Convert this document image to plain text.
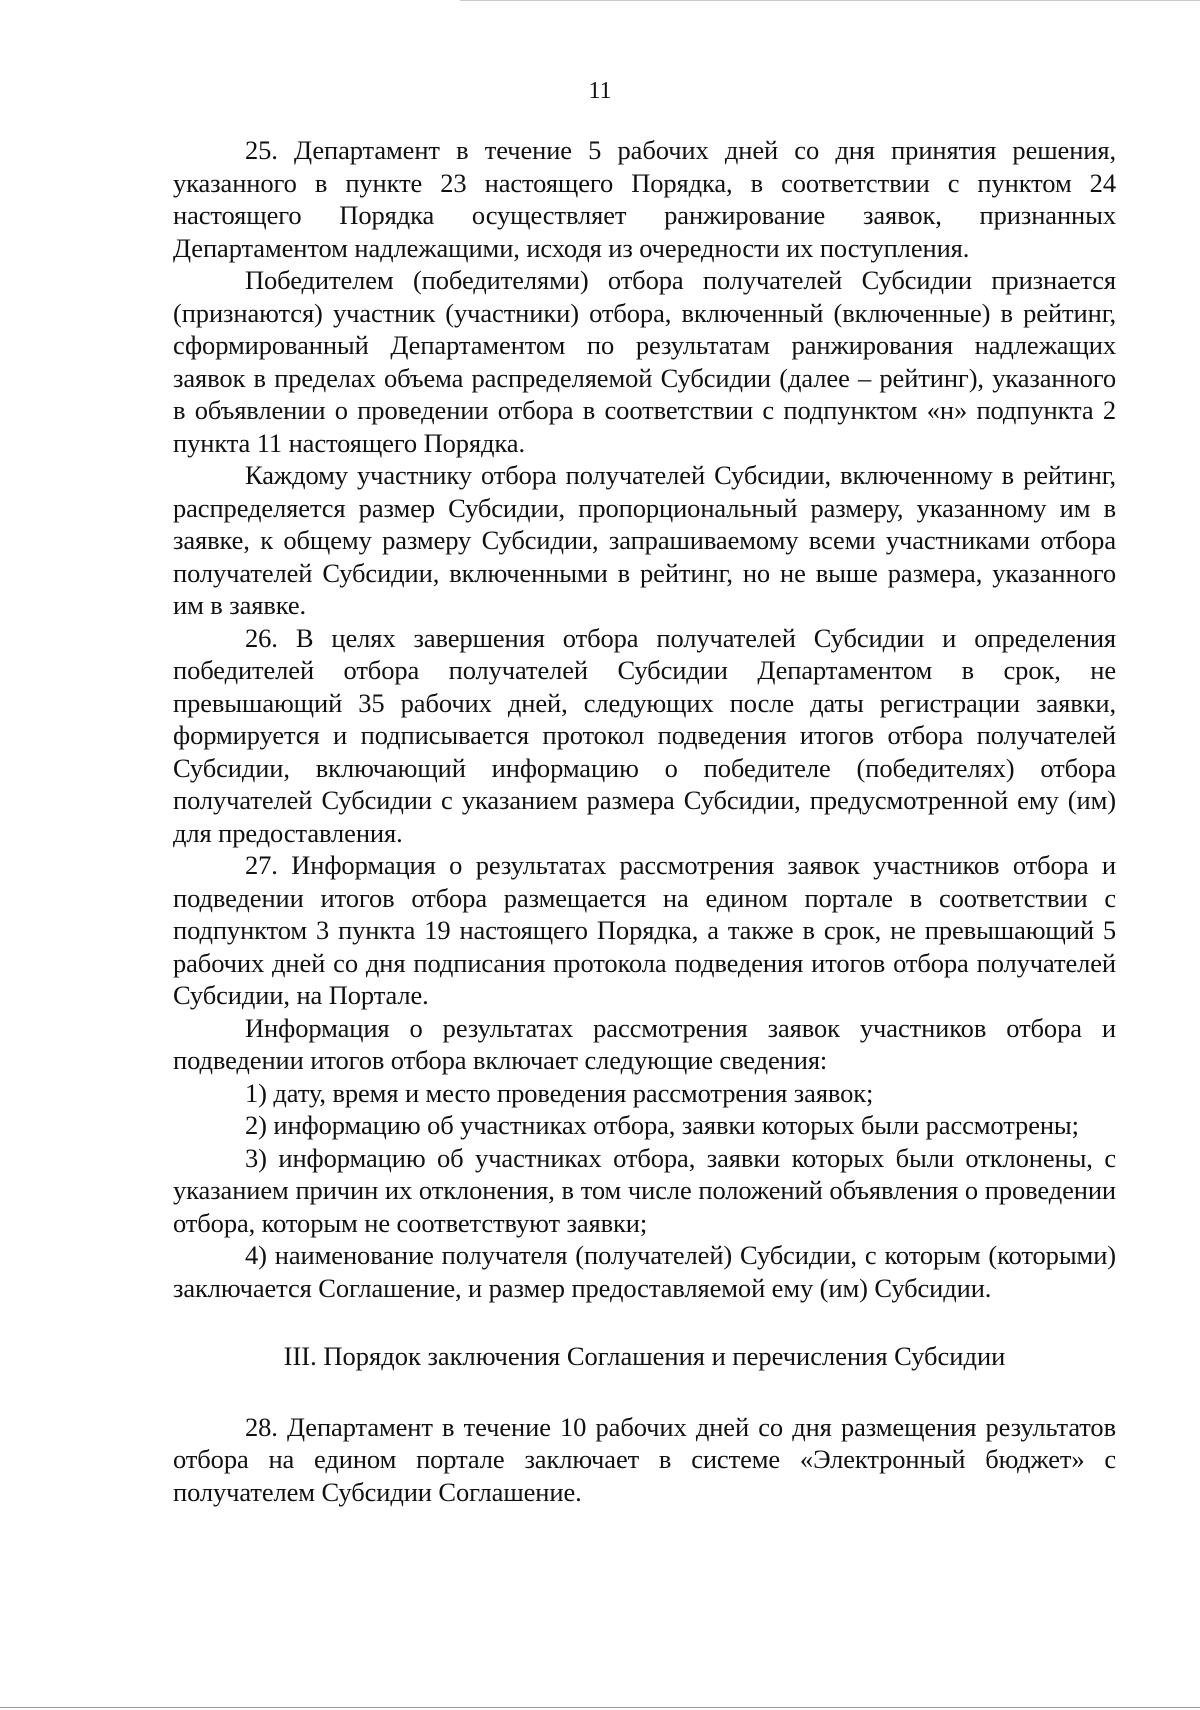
11

25. Департамент в течение 5 рабочих дней со дня принятия решения, указанного в пункте 23 настоящего Порядка, в соответствии с пунктом 24 настоящего Порядка осуществляет ранжирование заявок, признанных Департаментом надлежащими, исходя из очередности их поступления.

Победителем (победителями) отбора получателей Субсидии признается (признаются) участник (участники) отбора, включенный (включенные) в рейтинг, сформированный Департаментом по результатам ранжирования надлежащих заявок в пределах объема распределяемой Субсидии (далее – рейтинг), указанного в объявлении о проведении отбора в соответствии с подпунктом «н» подпункта 2 пункта 11 настоящего Порядка.

Каждому участнику отбора получателей Субсидии, включенному в рейтинг, распределяется размер Субсидии, пропорциональный размеру, указанному им в заявке, к общему размеру Субсидии, запрашиваемому всеми участниками отбора получателей Субсидии, включенными в рейтинг, но не выше размера, указанного им в заявке.

26. В целях завершения отбора получателей Субсидии и определения победителей отбора получателей Субсидии Департаментом в срок, не превышающий 35 рабочих дней, следующих после даты регистрации заявки, формируется и подписывается протокол подведения итогов отбора получателей Субсидии, включающий информацию о победителе (победителях) отбора получателей Субсидии с указанием размера Субсидии, предусмотренной ему (им) для предоставления.

27. Информация о результатах рассмотрения заявок участников отбора и подведении итогов отбора размещается на едином портале в соответствии с подпунктом 3 пункта 19 настоящего Порядка, а также в срок, не превышающий 5 рабочих дней со дня подписания протокола подведения итогов отбора получателей Субсидии, на Портале.

Информация о результатах рассмотрения заявок участников отбора и подведении итогов отбора включает следующие сведения:

1) дату, время и место проведения рассмотрения заявок;

2) информацию об участниках отбора, заявки которых были рассмотрены;

3) информацию об участниках отбора, заявки которых были отклонены, с указанием причин их отклонения, в том числе положений объявления о проведении отбора, которым не соответствуют заявки;

4) наименование получателя (получателей) Субсидии, с которым (которыми) заключается Соглашение, и размер предоставляемой ему (им) Субсидии.

III. Порядок заключения Соглашения и перечисления Субсидии

28. Департамент в течение 10 рабочих дней со дня размещения результатов отбора на едином портале заключает в системе «Электронный бюджет» с получателем Субсидии Соглашение.
